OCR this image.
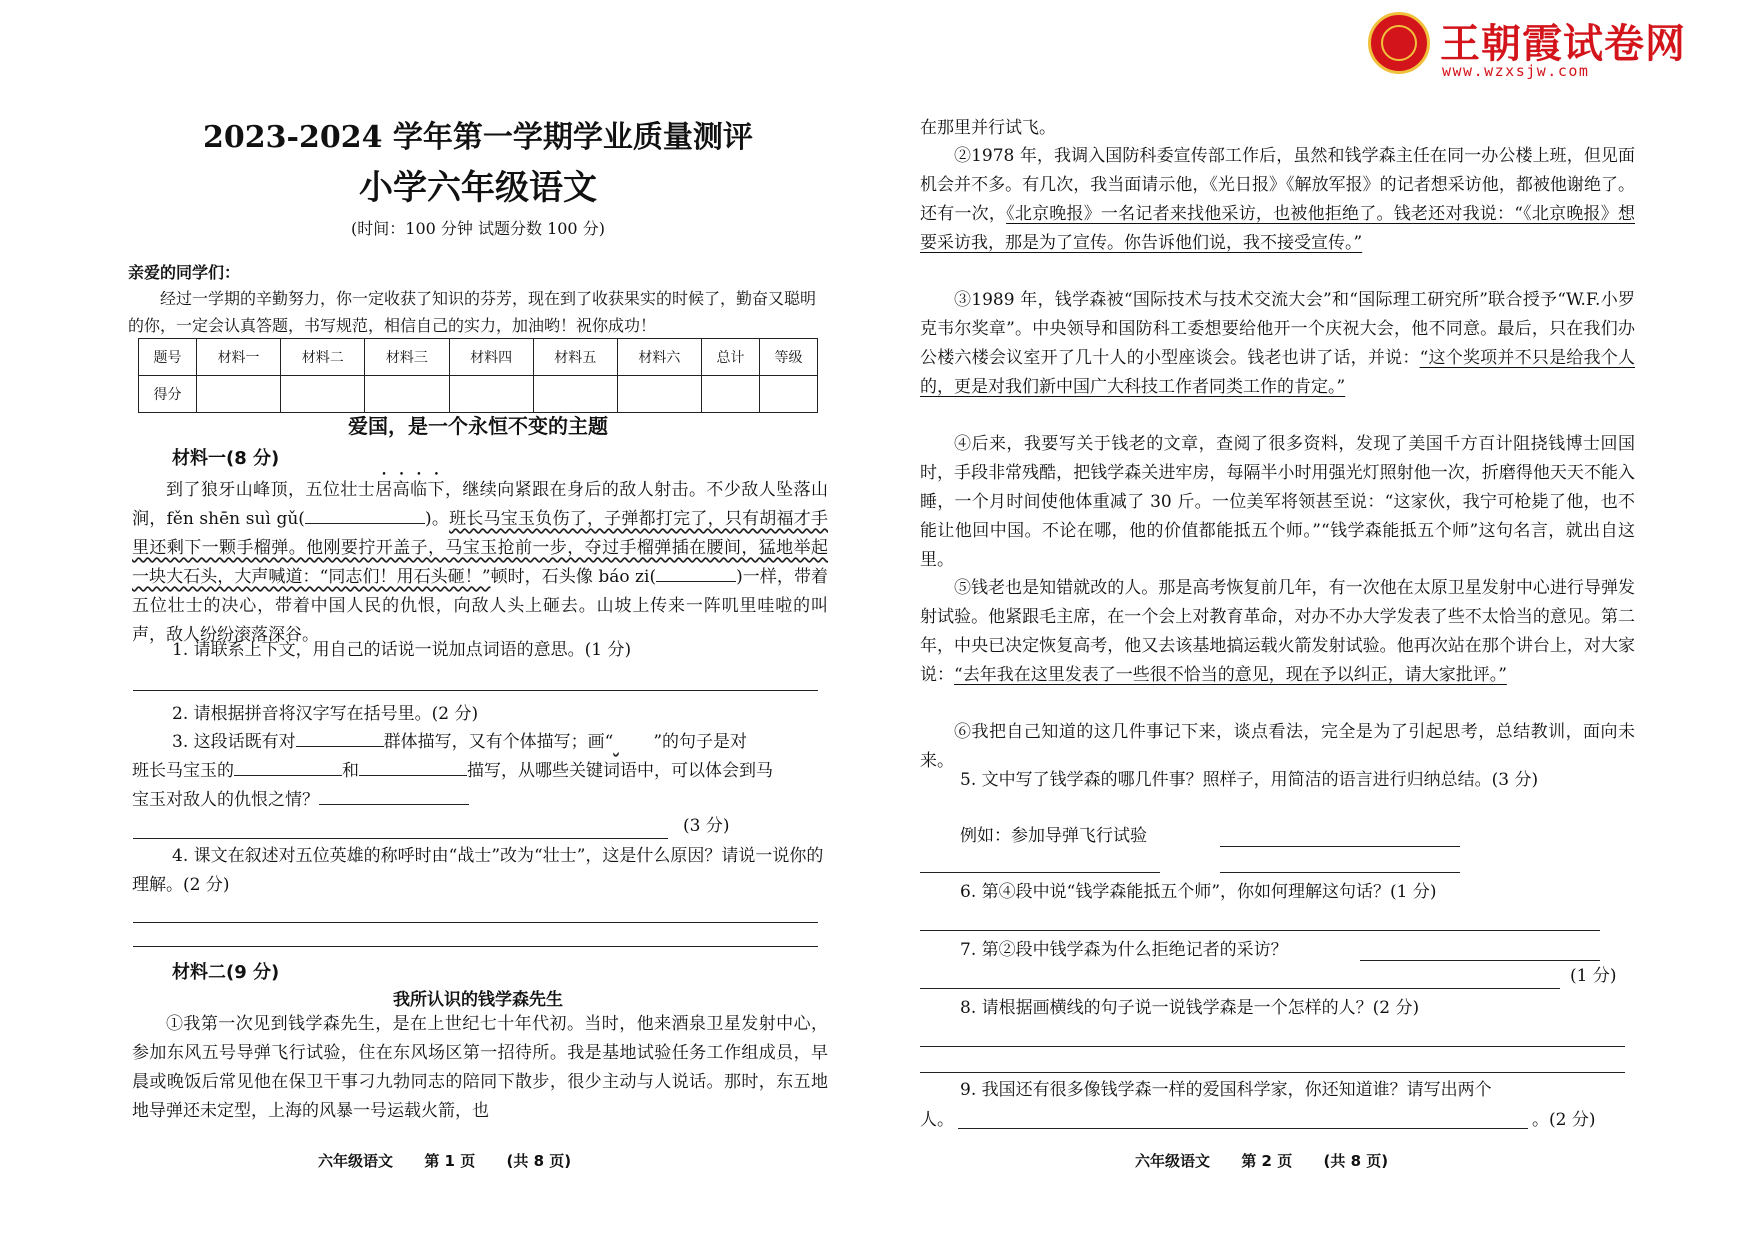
王朝霞试卷网
www.wzxsjw.com
2023-2024 学年第一学期学业质量测评
小学六年级语文
(时间：100 分钟 试题分数 100 分)
亲爱的同学们：
经过一学期的辛勤努力，你一定收获了知识的芬芳，现在到了收获果实的时候了，勤奋又聪明的你，一定会认真答题，书写规范，相信自己的实力，加油哟！祝你成功！
题号	材料一	材料二	材料三	材料四	材料五	材料六	总计	等级
得分								
爱国，是一个永恒不变的主题
材料一(8 分)
到了狼牙山峰顶，五位壮士居高临下，继续向紧跟在身后的敌人射击。不少敌人坠落山涧，fěn shēn suì gǔ(	)。班长马宝玉负伤了，子弹都打完了，只有胡福才手里还剩下一颗手榴弹。他刚要拧开盖子，马宝玉抢前一步，夺过手榴弹插在腰间，猛地举起一块大石头，大声喊道：“同志们！用石头砸！”顿时，石头像 báo zi(	)一样，带着五位壮士的决心，带着中国人民的仇恨，向敌人头上砸去。山坡上传来一阵叽里哇啦的叫声，敌人纷纷滚落深谷。
1. 请联系上下文，用自己的话说一说加点词语的意思。(1 分)
2. 请根据拼音将汉字写在括号里。(2 分)
3. 这段话既有对	群体描写，又有个体描写；画“ ”的句子是对
班长马宝玉的	和	描写，从哪些关键词语中，可以体会到马
宝玉对敌人的仇恨之情？
(3 分)
4. 课文在叙述对五位英雄的称呼时由“战士”改为“壮士”，这是什么原因？请说一说你的理解。(2 分)
材料二(9 分)
我所认识的钱学森先生
①我第一次见到钱学森先生，是在上世纪七十年代初。当时，他来酒泉卫星发射中心，参加东风五号导弹飞行试验，住在东风场区第一招待所。我是基地试验任务工作组成员，早晨或晚饭后常见他在保卫干事刁九勃同志的陪同下散步，很少主动与人说话。那时，东五地地导弹还未定型，上海的风暴一号运载火箭，也
六年级语文      第 1 页      (共 8 页)
在那里并行试飞。
②1978 年，我调入国防科委宣传部工作后，虽然和钱学森主任在同一办公楼上班，但见面机会并不多。有几次，我当面请示他，《光日报》《解放军报》的记者想采访他，都被他谢绝了。还有一次，《北京晚报》一名记者来找他采访，也被他拒绝了。钱老还对我说：“《北京晚报》想要采访我，那是为了宣传。你告诉他们说，我不接受宣传。”
③1989 年，钱学森被“国际技术与技术交流大会”和“国际理工研究所”联合授予“W.F.小罗克韦尔奖章”。中央领导和国防科工委想要给他开一个庆祝大会，他不同意。最后，只在我们办公楼六楼会议室开了几十人的小型座谈会。钱老也讲了话，并说：“这个奖项并不只是给我个人的，更是对我们新中国广大科技工作者同类工作的肯定。”
④后来，我要写关于钱老的文章，查阅了很多资料，发现了美国千方百计阻挠钱博士回国时，手段非常残酷，把钱学森关进牢房，每隔半小时用强光灯照射他一次，折磨得他天天不能入睡，一个月时间使他体重减了 30 斤。一位美军将领甚至说：“这家伙，我宁可枪毙了他，也不能让他回中国。不论在哪，他的价值都能抵五个师。”“钱学森能抵五个师”这句名言，就出自这里。
⑤钱老也是知错就改的人。那是高考恢复前几年，有一次他在太原卫星发射中心进行导弹发射试验。他紧跟毛主席，在一个会上对教育革命，对办不办大学发表了些不太恰当的意见。第二年，中央已决定恢复高考，他又去该基地搞运载火箭发射试验。他再次站在那个讲台上，对大家说：“去年我在这里发表了一些很不恰当的意见，现在予以纠正，请大家批评。”
⑥我把自己知道的这几件事记下来，谈点看法，完全是为了引起思考，总结教训，面向未来。
5. 文中写了钱学森的哪几件事？照样子，用简洁的语言进行归纳总结。(3 分)
例如：参加导弹飞行试验
6. 第④段中说“钱学森能抵五个师”，你如何理解这句话？(1 分)
7. 第②段中钱学森为什么拒绝记者的采访？
(1 分)
8. 请根据画横线的句子说一说钱学森是一个怎样的人？(2 分)
9. 我国还有很多像钱学森一样的爱国科学家，你还知道谁？请写出两个
人。	。(2 分)
六年级语文      第 2 页      (共 8 页)
